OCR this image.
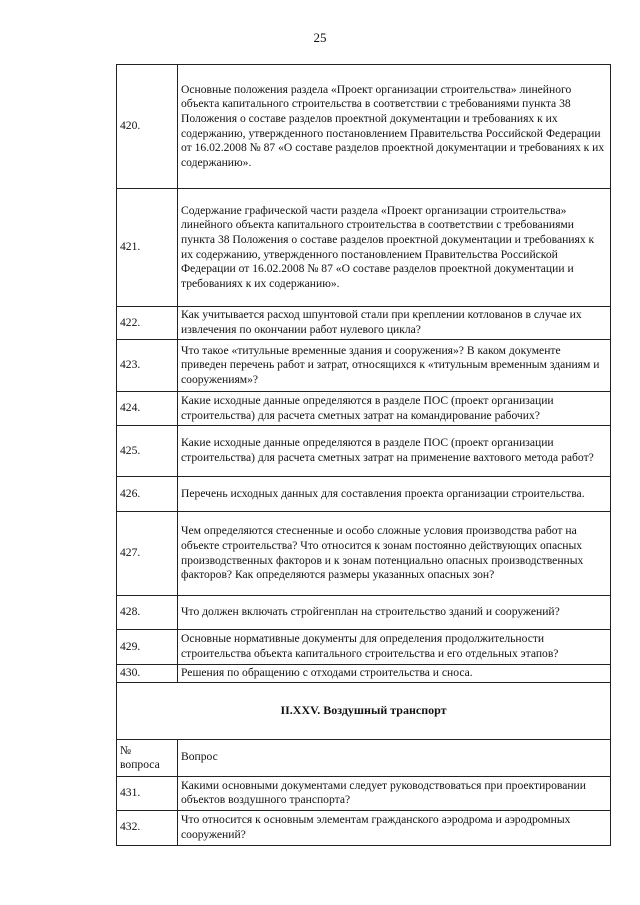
25
420.	Основные положения раздела «Проект организации строительства» линейного объекта капитального строительства в соответствии с требованиями пункта 38 Положения о составе разделов проектной документации и требованиях к их содержанию, утвержденного постановлением Правительства Российской Федерации от 16.02.2008 № 87 «О составе разделов проектной документации и требованиях к их содержанию».
421.	Содержание графической части раздела «Проект организации строительства» линейного объекта капитального строительства в соответствии с требованиями пункта 38 Положения о составе разделов проектной документации и требованиях к их содержанию, утвержденного постановлением Правительства Российской Федерации от 16.02.2008 № 87 «О составе разделов проектной документации и требованиях к их содержанию».
422.	Как учитывается расход шпунтовой стали при креплении котлованов в случае их извлечения по окончании работ нулевого цикла?
423.	Что такое «титульные временные здания и сооружения»? В каком документе приведен перечень работ и затрат, относящихся к «титульным временным зданиям и сооружениям»?
424.	Какие исходные данные определяются в разделе ПОС (проект организации строительства) для расчета сметных затрат на командирование рабочих?
425.	Какие исходные данные определяются в разделе ПОС (проект организации строительства) для расчета сметных затрат на применение вахтового метода работ?
426.	Перечень исходных данных для составления проекта организации строительства.
427.	Чем определяются стесненные и особо сложные условия производства работ на объекте строительства? Что относится к зонам постоянно действующих опасных производственных факторов и к зонам потенциально опасных производственных факторов? Как определяются размеры указанных опасных зон?
428.	Что должен включать стройгенплан на строительство зданий и сооружений?
429.	Основные нормативные документы для определения продолжительности строительства объекта капитального строительства и его отдельных этапов?
430.	Решения по обращению с отходами строительства и сноса.
II.XXV. Воздушный транспорт	

№
вопроса	Вопрос
431.	Какими основными документами следует руководствоваться при проектировании объектов воздушного транспорта?
432.	Что относится к основным элементам гражданского аэродрома и аэродромных сооружений?
